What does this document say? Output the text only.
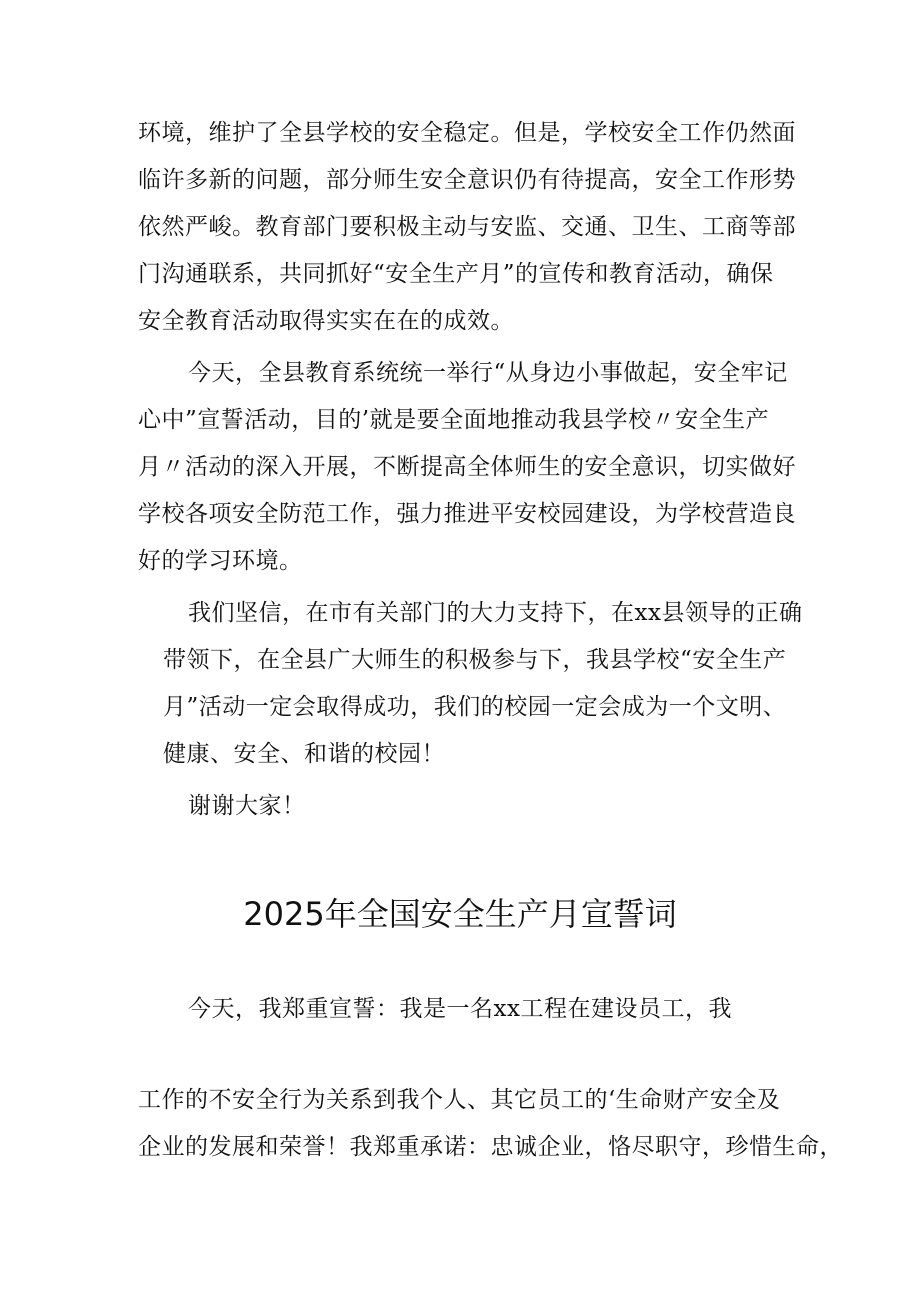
环境，维护了全县学校的安全稳定。但是，学校安全工作仍然面
临许多新的问题，部分师生安全意识仍有待提高，安全工作形势
依然严峻。教育部门要积极主动与安监、交通、卫生、工商等部
门沟通联系，共同抓好“安全生产月”的宣传和教育活动，确保
安全教育活动取得实实在在的成效。
今天，全县教育系统统一举行“从身边小事做起，安全牢记
心中”宣誓活动，目的’就是要全面地推动我县学校〃安全生产
月〃活动的深入开展，不断提高全体师生的安全意识，切实做好
学校各项安全防范工作，强力推进平安校园建设，为学校营造良
好的学习环境。
我们坚信，在市有关部门的大力支持下，在xx县领导的正确
带领下，在全县广大师生的积极参与下，我县学校“安全生产
月”活动一定会取得成功，我们的校园一定会成为一个文明、
健康、安全、和谐的校园！
谢谢大家！
2025年全国安全生产月宣誓词
今天，我郑重宣誓：我是一名xx工程在建设员工，我
工作的不安全行为关系到我个人、其它员工的‘生命财产安全及
企业的发展和荣誉！我郑重承诺：忠诚企业，恪尽职守，珍惜生命，
